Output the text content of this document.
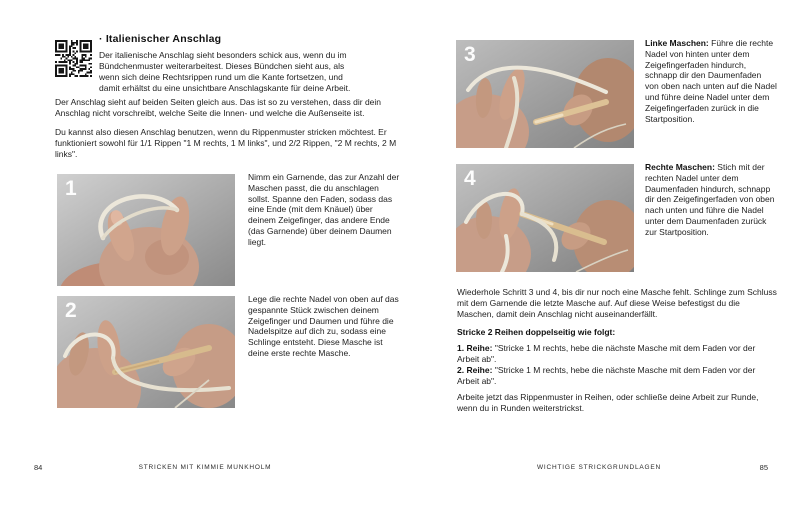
· Italienischer Anschlag

Der italienische Anschlag sieht besonders schick aus, wenn du im Bündchenmuster weiterarbeitest. Dieses Bündchen sieht aus, als wenn sich deine Rechtsrippen rund um die Kante fortsetzen, und damit erhältst du eine unsichtbare Anschlagskante für deine Arbeit.

Der Anschlag sieht auf beiden Seiten gleich aus. Das ist so zu verstehen, dass dir dein Anschlag nicht vorschreibt, welche Seite die Innen- und welche die Außenseite ist.

Du kannst also diesen Anschlag benutzen, wenn du Rippenmuster stricken möchtest. Er funktioniert sowohl für 1/1 Rippen "1 M rechts, 1 M links", und 2/2 Rippen, "2 M rechts, 2 M links".

1	Nimm ein Garnende, das zur Anzahl der Maschen passt, die du anschlagen sollst. Spanne den Faden, sodass das eine Ende (mit dem Knäuel) über deinem Zeigefinger, das andere Ende (das Garnende) über deinem Daumen liegt.

2	Lege die rechte Nadel von oben auf das gespannte Stück zwischen deinem Zeigefinger und Daumen und führe die Nadelspitze auf dich zu, sodass eine Schlinge entsteht. Diese Masche ist deine erste rechte Masche.

3	Linke Maschen: Führe die rechte Nadel von hinten unter dem Zeigefingerfaden hindurch, schnapp dir den Daumenfaden von oben nach unten auf die Nadel und führe deine Nadel unter dem Zeigefingerfaden zurück in die Startposition.

4	Rechte Maschen: Stich mit der rechten Nadel unter dem Daumenfaden hindurch, schnapp dir den Zeigefingerfaden von oben nach unten und führe die Nadel unter dem Daumenfaden zurück zur Startposition.

Wiederhole Schritt 3 und 4, bis dir nur noch eine Masche fehlt. Schlinge zum Schluss mit dem Garnende die letzte Masche auf. Auf diese Weise befestigst du die Maschen, damit dein Anschlag nicht auseinanderfällt.

Stricke 2 Reihen doppelseitig wie folgt:

1. Reihe: "Stricke 1 M rechts, hebe die nächste Masche mit dem Faden vor der Arbeit ab".

2. Reihe: "Stricke 1 M rechts, hebe die nächste Masche mit dem Faden vor der Arbeit ab".

Arbeite jetzt das Rippenmuster in Reihen, oder schließe deine Arbeit zur Runde, wenn du in Runden weiterstrickst.

84	STRICKEN MIT KIMMIE MUNKHOLM	WICHTIGE STRICKGRUNDLAGEN	85
